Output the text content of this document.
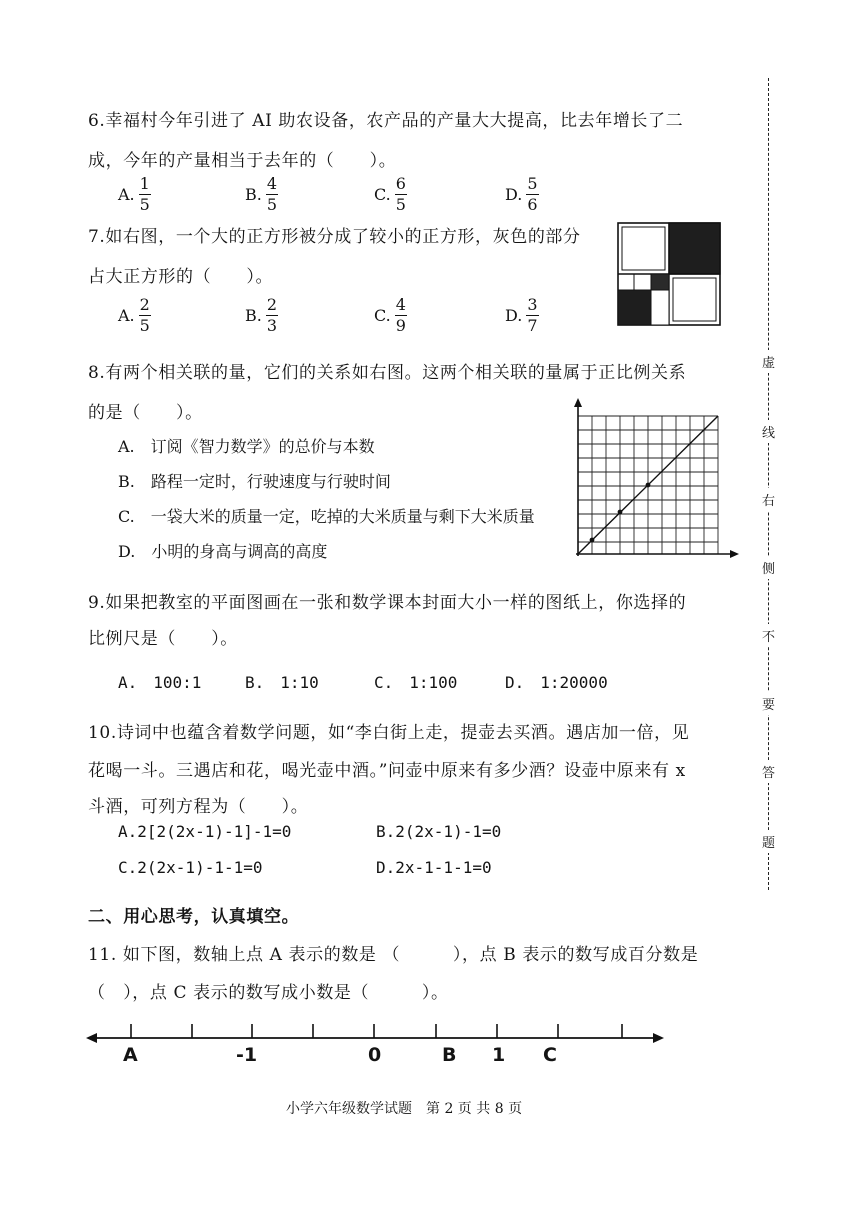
6.幸福村今年引进了 AI 助农设备，农产品的产量大大提高，比去年增长了二
成，今年的产量相当于去年的（　　）。
A. $\frac{1}{5}$	B. $\frac{4}{5}$	C. $\frac{6}{5}$	D. $\frac{5}{6}$
7.如右图，一个大的正方形被分成了较小的正方形，灰色的部分
占大正方形的（　　）。
A. $\frac{2}{5}$	B. $\frac{2}{3}$	C. $\frac{4}{9}$	D. $\frac{3}{7}$
8.有两个相关联的量，它们的关系如右图。这两个相关联的量属于正比例关系
的是（　　）。
A.　订阅《智力数学》的总价与本数
B.　路程一定时，行驶速度与行驶时间
C.　一袋大米的质量一定，吃掉的大米质量与剩下大米质量
D.　小明的身高与调高的高度
9.如果把教室的平面图画在一张和数学课本封面大小一样的图纸上，你选择的
比例尺是（　　）。
A.　100:1	B.　1:10	C.　1:100	D.　1:20000
10.诗词中也蕴含着数学问题，如“李白街上走，提壶去买酒。遇店加一倍，见
花喝一斗。三遇店和花，喝光壶中酒。”问壶中原来有多少酒？设壶中原来有 x
斗酒，可列方程为（　　）。
A.2[2(2x-1)-1]-1=0	B.2(2x-1)-1=0
C.2(2x-1)-1-1=0	D.2x-1-1-1=0
二、用心思考，认真填空。
11. 如下图，数轴上点 A 表示的数是 （　　　），点 B 表示的数写成百分数是
（　），点 C 表示的数写成小数是（　　　）。
A	-1	0	B 1 C
小学六年级数学试题　第 2 页 共 8 页
虚
线
右
侧
不
要
答
题
